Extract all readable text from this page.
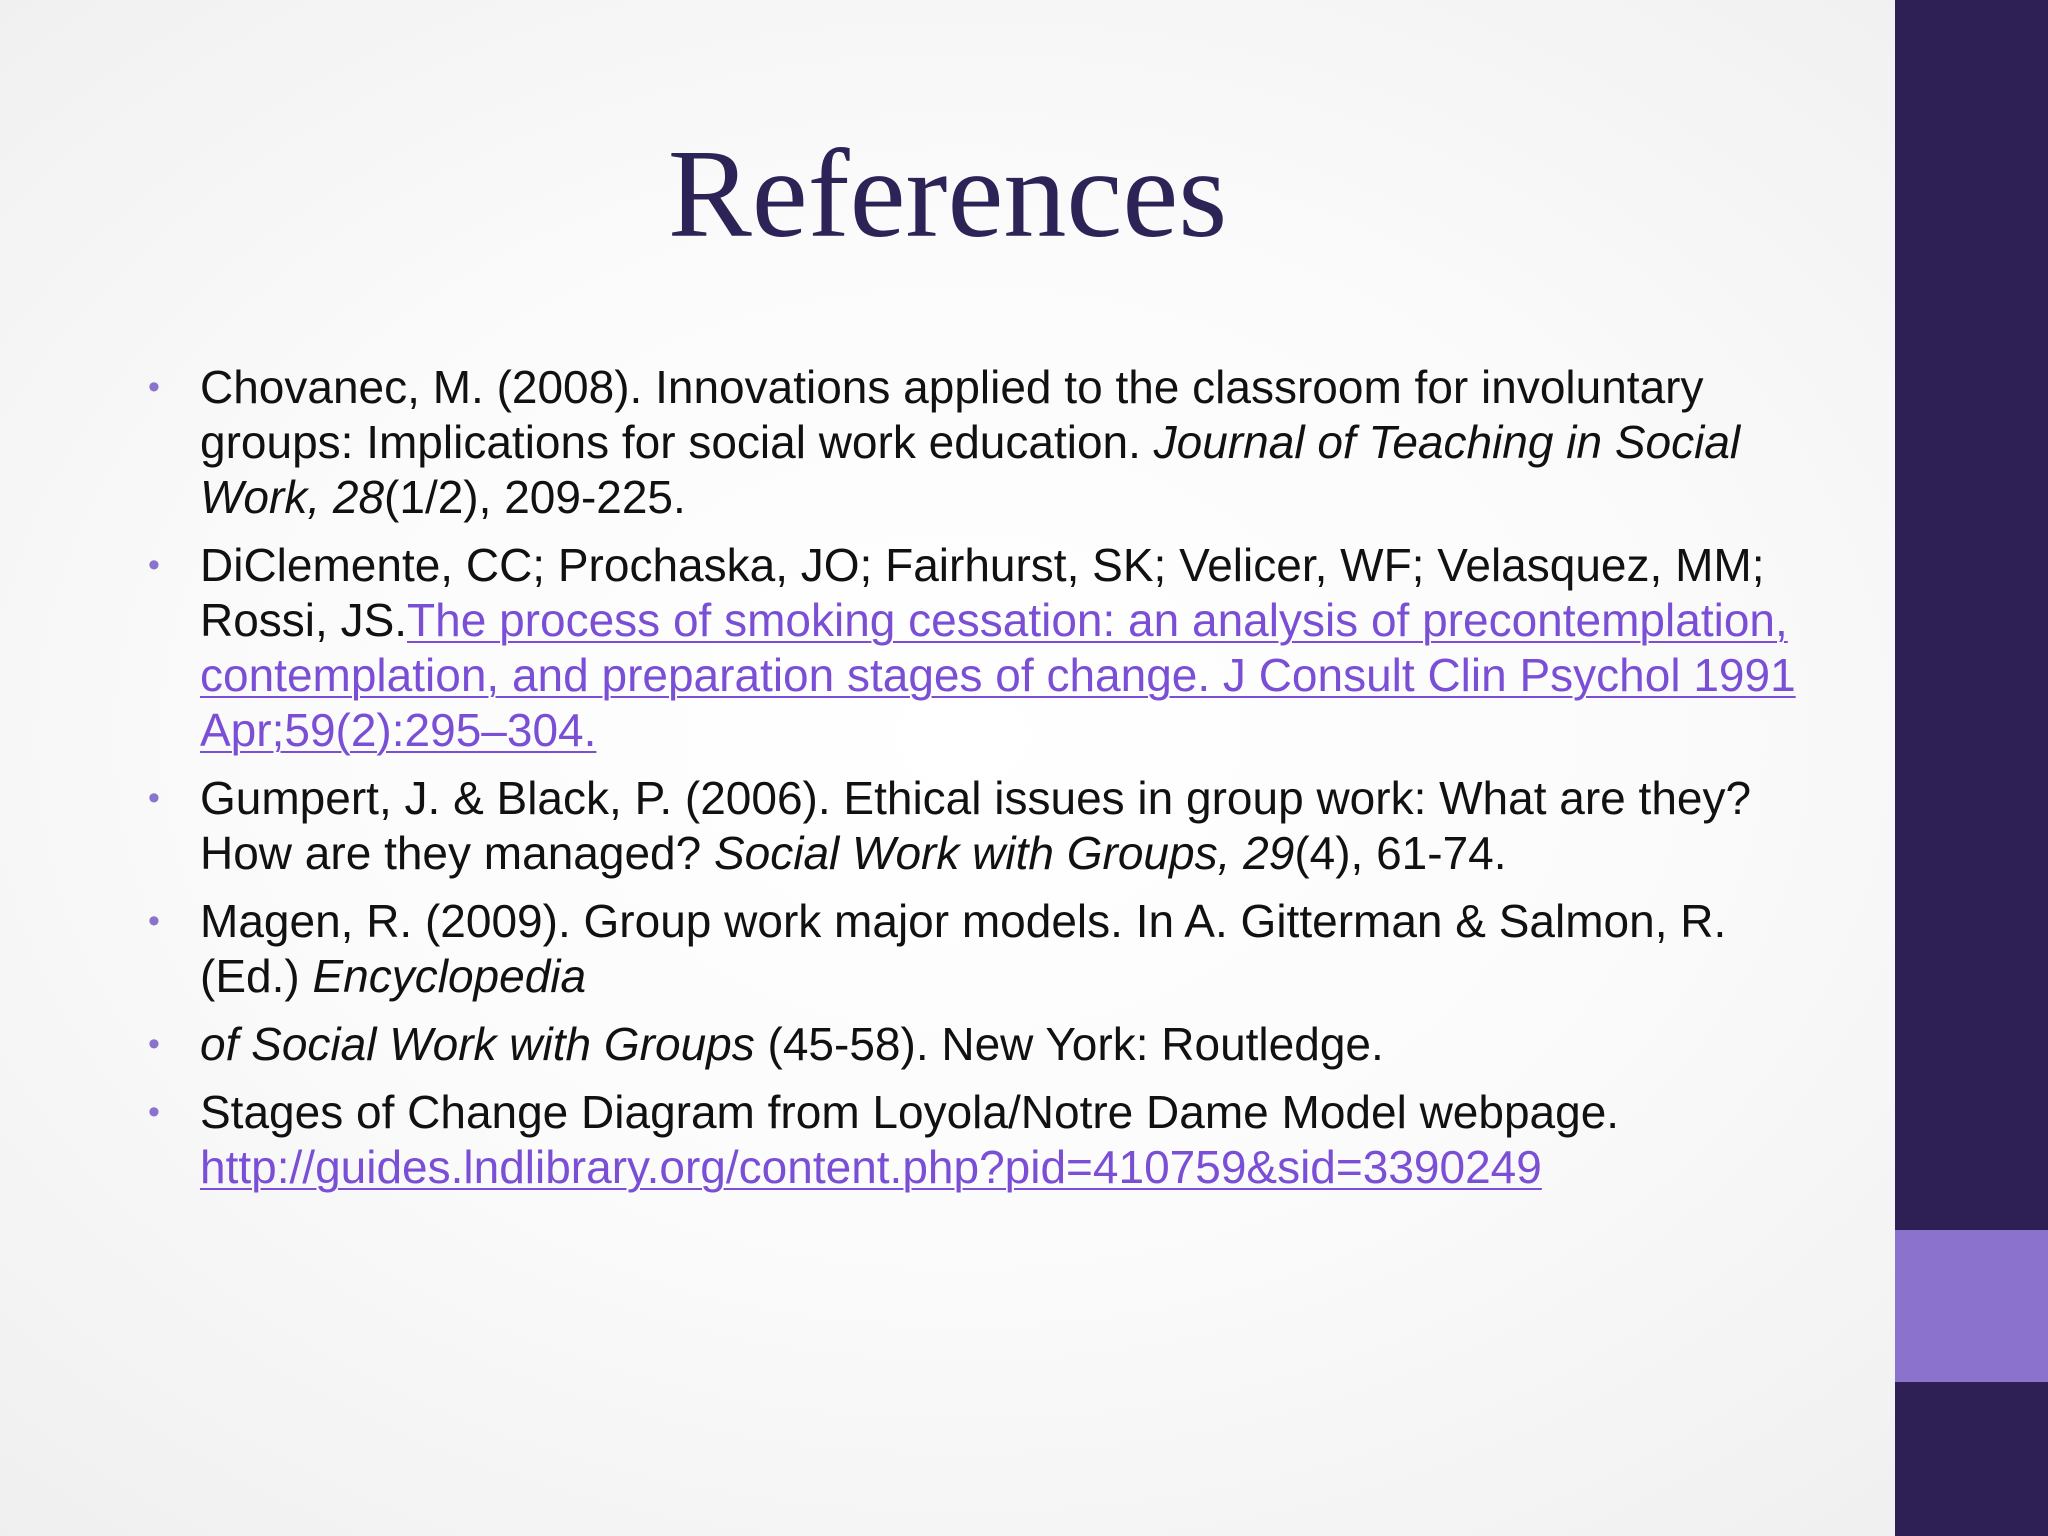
References
• Chovanec, M. (2008). Innovations applied to the classroom for involuntary groups: Implications for social work education. Journal of Teaching in Social Work, 28(1/2), 209-225.
• DiClemente, CC; Prochaska, JO; Fairhurst, SK; Velicer, WF; Velasquez, MM; Rossi, JS.The process of smoking cessation: an analysis of precontemplation, contemplation, and preparation stages of change. J Consult Clin Psychol 1991 Apr;59(2):295–304.
• Gumpert, J. & Black, P. (2006). Ethical issues in group work: What are they? How are they managed? Social Work with Groups, 29(4), 61-74.
• Magen, R. (2009). Group work major models. In A. Gitterman & Salmon, R. (Ed.) Encyclopedia
• of Social Work with Groups (45-58). New York: Routledge.
• Stages of Change Diagram from Loyola/Notre Dame Model webpage. http://guides.lndlibrary.org/content.php?pid=410759&sid=3390249
